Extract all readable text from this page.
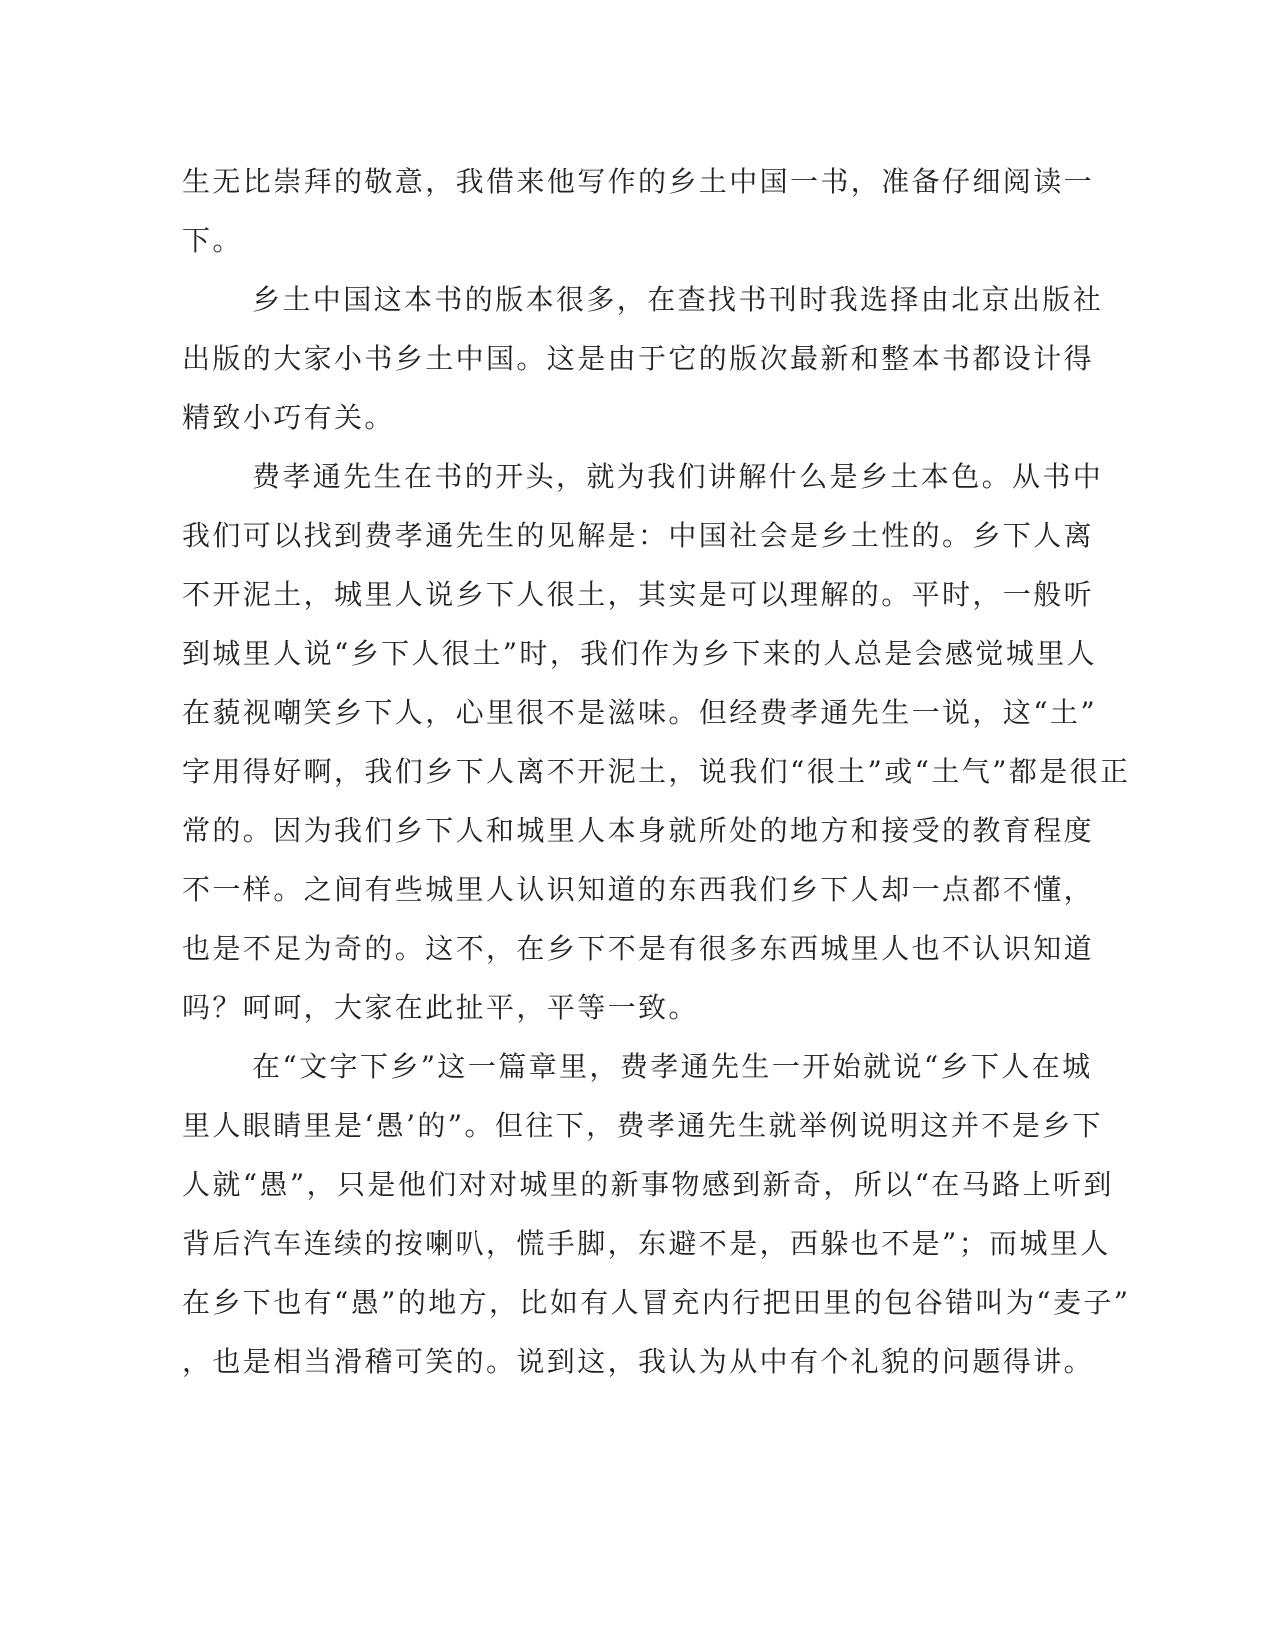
生无比崇拜的敬意，我借来他写作的乡土中国一书，准备仔细阅读一

下。

乡土中国这本书的版本很多，在查找书刊时我选择由北京出版社

出版的大家小书乡土中国。这是由于它的版次最新和整本书都设计得

精致小巧有关。

费孝通先生在书的开头，就为我们讲解什么是乡土本色。从书中

我们可以找到费孝通先生的见解是：中国社会是乡土性的。乡下人离

不开泥土，城里人说乡下人很土，其实是可以理解的。平时，一般听

到城里人说“乡下人很土”时，我们作为乡下来的人总是会感觉城里人

在藐视嘲笑乡下人，心里很不是滋味。但经费孝通先生一说，这“土”

字用得好啊，我们乡下人离不开泥土，说我们“很土”或“土气”都是很正

常的。因为我们乡下人和城里人本身就所处的地方和接受的教育程度

不一样。之间有些城里人认识知道的东西我们乡下人却一点都不懂，

也是不足为奇的。这不，在乡下不是有很多东西城里人也不认识知道

吗？呵呵，大家在此扯平，平等一致。

在“文字下乡”这一篇章里，费孝通先生一开始就说“乡下人在城

里人眼睛里是‘愚’的”。但往下，费孝通先生就举例说明这并不是乡下

人就“愚”，只是他们对对城里的新事物感到新奇，所以“在马路上听到

背后汽车连续的按喇叭，慌手脚，东避不是，西躲也不是”；而城里人

在乡下也有“愚”的地方，比如有人冒充内行把田里的包谷错叫为“麦子”

，也是相当滑稽可笑的。说到这，我认为从中有个礼貌的问题得讲。
